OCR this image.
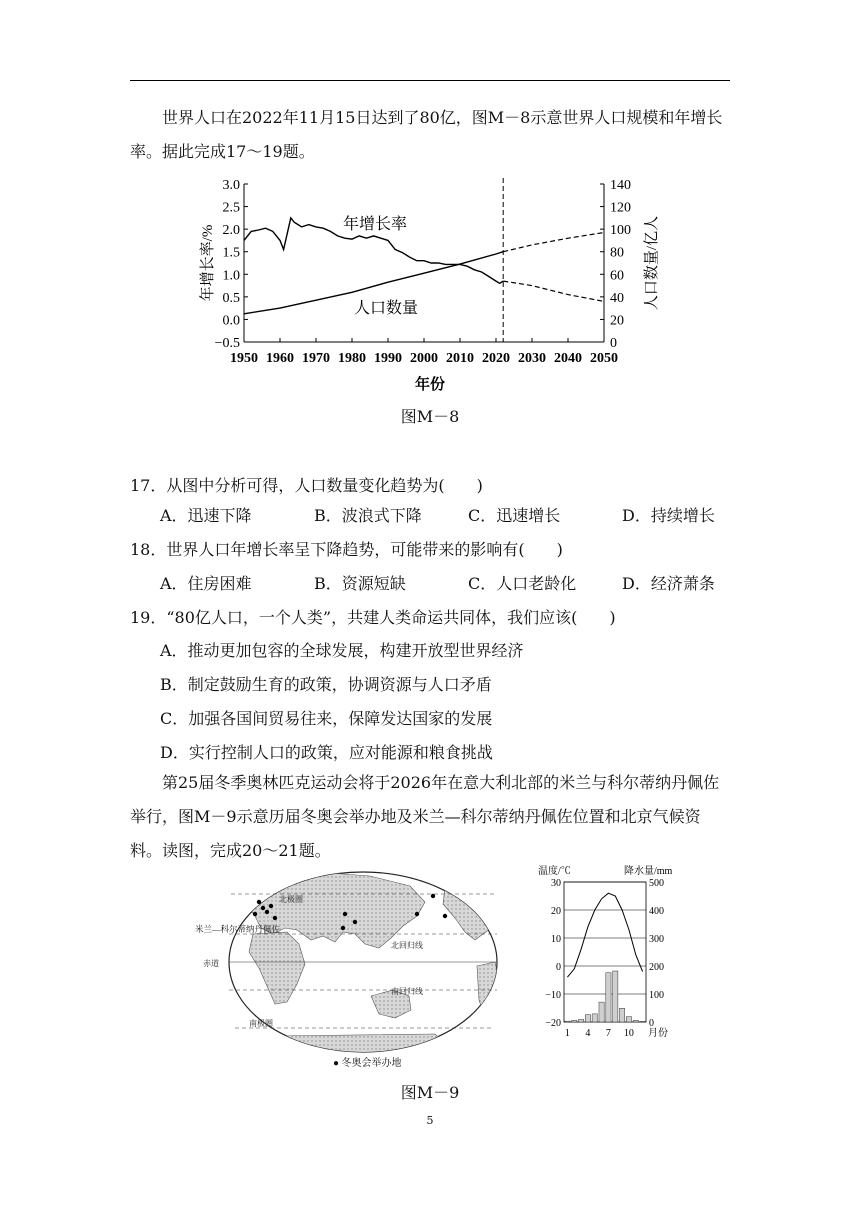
世界人口在2022年11月15日达到了80亿，图M－8示意世界人口规模和年增长率。据此完成17～19题。
3.0
2.5
2.0
1.5
1.0
0.5
0.0
−0.5
140
120
100
80
60
40
20
0
1950 1960 1970 1980 1990 2000 2010 2020 2030 2040 2050
年份
年增长率/%	人口数量/亿人
年增长率
人口数量
图M－8
17．从图中分析可得，人口数量变化趋势为(　　)
A．迅速下降	B．波浪式下降	C．迅速增长	D．持续增长
18．世界人口年增长率呈下降趋势，可能带来的影响有(　　)
A．住房困难	B．资源短缺	C．人口老龄化	D．经济萧条
19．“80亿人口，一个人类”，共建人类命运共同体，我们应该(　　)
A．推动更加包容的全球发展，构建开放型世界经济
B．制定鼓励生育的政策，协调资源与人口矛盾
C．加强各国间贸易往来，保障发达国家的发展
D．实行控制人口的政策，应对能源和粮食挑战
第25届冬季奥林匹克运动会将于2026年在意大利北部的米兰与科尔蒂纳丹佩佐举行，图M－9示意历届冬奥会举办地及米兰—科尔蒂纳丹佩佐位置和北京气候资料。读图，完成20～21题。
北极圈
北回归线
赤道
南回归线
南极圈
米兰—科尔蒂纳丹佩佐
● 冬奥会举办地
温度/℃	降水量/mm
30
20
10
0
−10
−20
500
400
300
200
100
0
1 4 7 10 月份
图M－9
5
